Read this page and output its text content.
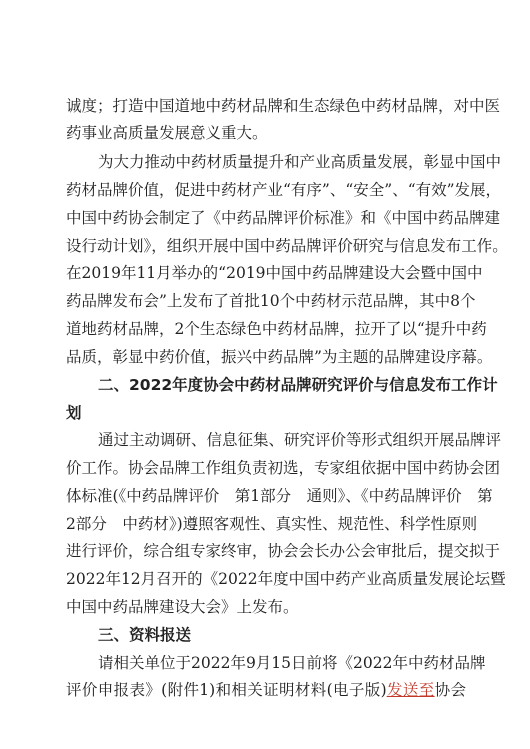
诚度；打造中国道地中药材品牌和生态绿色中药材品牌，对中医
药事业高质量发展意义重大。
为大力推动中药材质量提升和产业高质量发展，彰显中国中
药材品牌价值，促进中药材产业“有序”、“安全”、“有效”发展，
中国中药协会制定了《中药品牌评价标准》和《中国中药品牌建
设行动计划》，组织开展中国中药品牌评价研究与信息发布工作。
在2019年11月举办的“2019中国中药品牌建设大会暨中国中
药品牌发布会”上发布了首批10个中药材示范品牌，其中8个
道地药材品牌，2个生态绿色中药材品牌，拉开了以“提升中药
品质，彰显中药价值，振兴中药品牌”为主题的品牌建设序幕。
二、2022年度协会中药材品牌研究评价与信息发布工作计
划
通过主动调研、信息征集、研究评价等形式组织开展品牌评
价工作。协会品牌工作组负责初选，专家组依据中国中药协会团
体标准(《中药品牌评价　第1部分　通则》、《中药品牌评价　第
2部分　中药材》)遵照客观性、真实性、规范性、科学性原则
进行评价，综合组专家终审，协会会长办公会审批后，提交拟于
2022年12月召开的《2022年度中国中药产业高质量发展论坛暨
中国中药品牌建设大会》上发布。
三、资料报送
请相关单位于2022年9月15日前将《2022年中药材品牌
评价申报表》(附件1)和相关证明材料(电子版)发送至协会
